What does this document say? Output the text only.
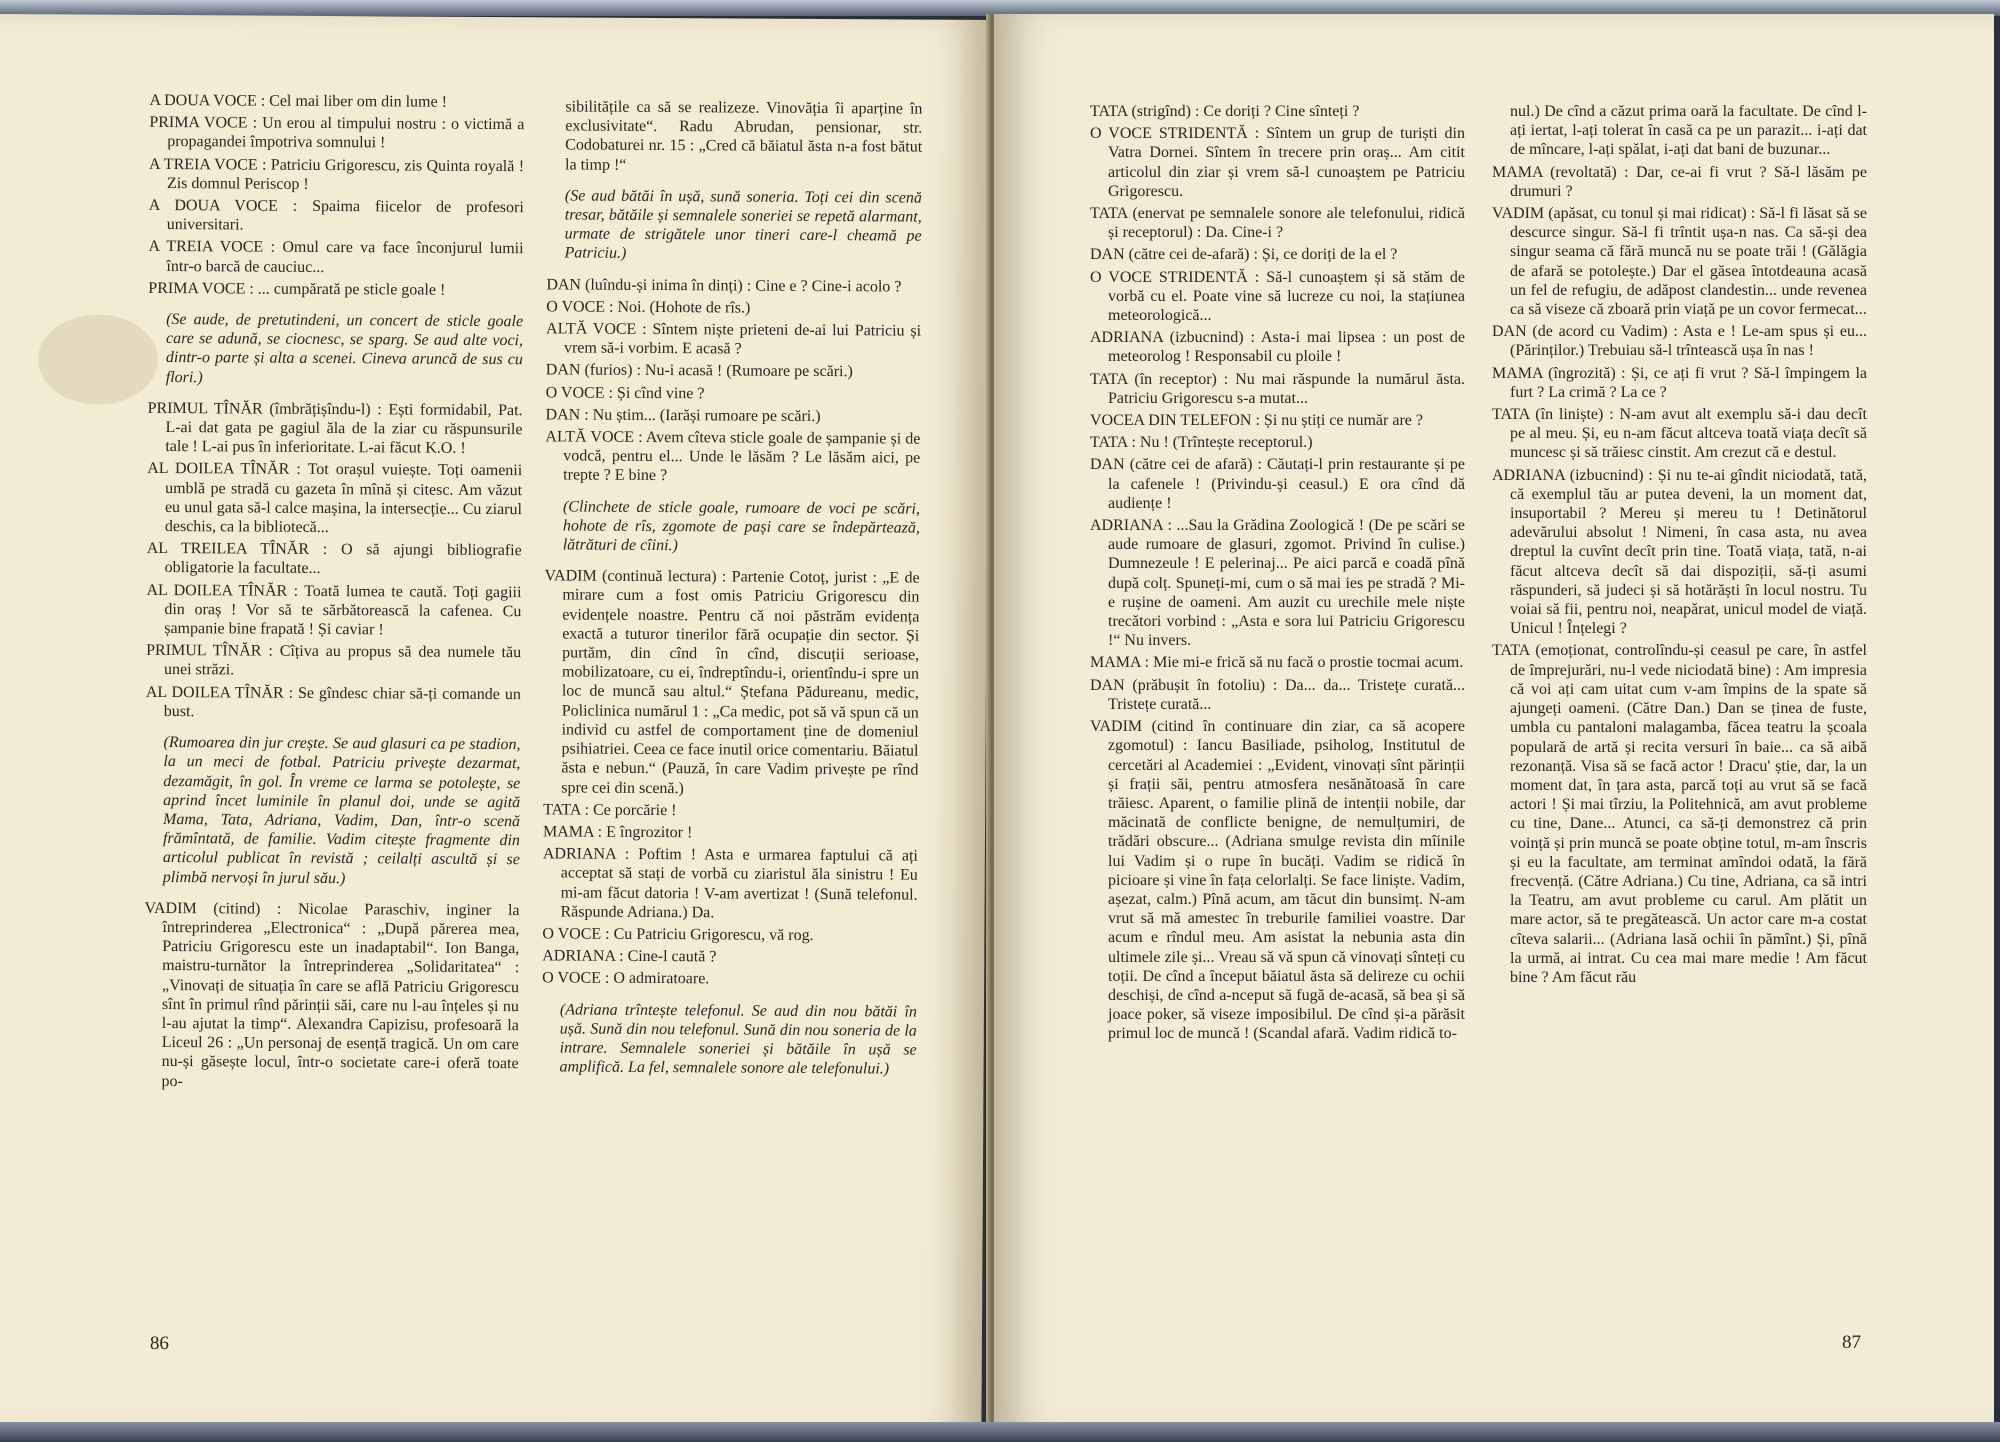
A DOUA VOCE : Cel mai liber om din lume !

PRIMA VOCE : Un erou al timpului nostru : o victimă a propagandei împotriva somnului !

A TREIA VOCE : Patriciu Grigorescu, zis Quinta royală ! Zis domnul Periscop !

A DOUA VOCE : Spaima fiicelor de profesori universitari.

A TREIA VOCE : Omul care va face înconjurul lumii într-o barcă de cauciuc...

PRIMA VOCE : ... cumpărată pe sticle goale !

(Se aude, de pretutindeni, un concert de sticle goale care se adună, se ciocnesc, se sparg. Se aud alte voci, dintr-o parte și alta a scenei. Cineva aruncă de sus cu flori.)

PRIMUL TÎNĂR (îmbrățișîndu-l) : Ești formidabil, Pat. L-ai dat gata pe gagiul ăla de la ziar cu răspunsurile tale ! L-ai pus în inferioritate. L-ai făcut K.O. !

AL DOILEA TÎNĂR : Tot orașul vuiește. Toți oamenii umblă pe stradă cu gazeta în mînă și citesc. Am văzut eu unul gata să-l calce mașina, la intersecție... Cu ziarul deschis, ca la bibliotecă...

AL TREILEA TÎNĂR : O să ajungi bibliografie obligatorie la facultate...

AL DOILEA TÎNĂR : Toată lumea te caută. Toți gagiii din oraș ! Vor să te sărbătorească la cafenea. Cu șampanie bine frapată ! Și caviar !

PRIMUL TÎNĂR : Cîțiva au propus să dea numele tău unei străzi.

AL DOILEA TÎNĂR : Se gîndesc chiar să-ți comande un bust.

(Rumoarea din jur crește. Se aud glasuri ca pe stadion, la un meci de fotbal. Patriciu privește dezarmat, dezamăgit, în gol. În vreme ce larma se potolește, se aprind încet luminile în planul doi, unde se agită Mama, Tata, Adriana, Vadim, Dan, într-o scenă frămîntată, de familie. Vadim citește fragmente din articolul publicat în revistă ; ceilalți ascultă și se plimbă nervoși în jurul său.)

VADIM (citind) : Nicolae Paraschiv, inginer la întreprinderea „Electronica“ : „După părerea mea, Patriciu Grigorescu este un inadaptabil“. Ion Banga, maistru-turnător la întreprinderea „Solidaritatea“ : „Vinovați de situația în care se află Patriciu Grigorescu sînt în primul rînd părinții săi, care nu l-au înțeles și nu l-au ajutat la timp“. Alexandra Capizisu, profesoară la Liceul 26 : „Un personaj de esență tragică. Un om care nu-și găsește locul, într-o societate care-i oferă toate po-

sibilitățile ca să se realizeze. Vinovăția îi aparține în exclusivitate“. Radu Abrudan, pensionar, str. Codobaturei nr. 15 : „Cred că băiatul ăsta n-a fost bătut la timp !“

(Se aud bătăi în ușă, sună soneria. Toți cei din scenă tresar, bătăile și semnalele soneriei se repetă alarmant, urmate de strigătele unor tineri care-l cheamă pe Patriciu.)

DAN (luîndu-și inima în dinți) : Cine e ? Cine-i acolo ?

O VOCE : Noi. (Hohote de rîs.)

ALTĂ VOCE : Sîntem niște prieteni de-ai lui Patriciu și vrem să-i vorbim. E acasă ?

DAN (furios) : Nu-i acasă ! (Rumoare pe scări.)

O VOCE : Și cînd vine ?

DAN : Nu știm... (Iarăși rumoare pe scări.)

ALTĂ VOCE : Avem cîteva sticle goale de șampanie și de vodcă, pentru el... Unde le lăsăm ? Le lăsăm aici, pe trepte ? E bine ?

(Clinchete de sticle goale, rumoare de voci pe scări, hohote de rîs, zgomote de pași care se îndepărtează, lătrături de cîini.)

VADIM (continuă lectura) : Partenie Cotoț, jurist : „E de mirare cum a fost omis Patriciu Grigorescu din evidențele noastre. Pentru că noi păstrăm evidența exactă a tuturor tinerilor fără ocupație din sector. Și purtăm, din cînd în cînd, discuții serioase, mobilizatoare, cu ei, îndreptîndu-i, orientîndu-i spre un loc de muncă sau altul.“ Ștefana Pădureanu, medic, Policlinica numărul 1 : „Ca medic, pot să vă spun că un individ cu astfel de comportament ține de domeniul psihiatriei. Ceea ce face inutil orice comentariu. Băiatul ăsta e nebun.“ (Pauză, în care Vadim privește pe rînd spre cei din scenă.)

TATA : Ce porcărie !

MAMA : E îngrozitor !

ADRIANA : Poftim ! Asta e urmarea faptului că ați acceptat să stați de vorbă cu ziaristul ăla sinistru ! Eu mi-am făcut datoria ! V-am avertizat ! (Sună telefonul. Răspunde Adriana.) Da.

O VOCE : Cu Patriciu Grigorescu, vă rog.

ADRIANA : Cine-l caută ?

O VOCE : O admiratoare.

(Adriana trîntește telefonul. Se aud din nou bătăi în ușă. Sună din nou telefonul. Sună din nou soneria de la intrare. Semnalele soneriei și bătăile în ușă se amplifică. La fel, semnalele sonore ale telefonului.)

86

TATA (strigînd) : Ce doriți ? Cine sînteți ?

O VOCE STRIDENTĂ : Sîntem un grup de turiști din Vatra Dornei. Sîntem în trecere prin oraș... Am citit articolul din ziar și vrem să-l cunoaștem pe Patriciu Grigorescu.

TATA (enervat pe semnalele sonore ale telefonului, ridică și receptorul) : Da. Cine-i ?

DAN (către cei de-afară) : Și, ce doriți de la el ?

O VOCE STRIDENTĂ : Să-l cunoaștem și să stăm de vorbă cu el. Poate vine să lucreze cu noi, la stațiunea meteorologică...

ADRIANA (izbucnind) : Asta-i mai lipsea : un post de meteorolog ! Responsabil cu ploile !

TATA (în receptor) : Nu mai răspunde la numărul ăsta. Patriciu Grigorescu s-a mutat...

VOCEA DIN TELEFON : Și nu știți ce număr are ?

TATA : Nu ! (Trîntește receptorul.)

DAN (către cei de afară) : Căutați-l prin restaurante și pe la cafenele ! (Privindu-și ceasul.) E ora cînd dă audiențe !

ADRIANA : ...Sau la Grădina Zoologică ! (De pe scări se aude rumoare de glasuri, zgomot. Privind în culise.) Dumnezeule ! E pelerinaj... Pe aici parcă e coadă pînă după colț. Spuneți-mi, cum o să mai ies pe stradă ? Mi-e rușine de oameni. Am auzit cu urechile mele niște trecători vorbind : „Asta e sora lui Patriciu Grigorescu !“ Nu invers.

MAMA : Mie mi-e frică să nu facă o prostie tocmai acum.

DAN (prăbușit în fotoliu) : Da... da... Tristețe curată... Tristețe curată...

VADIM (citind în continuare din ziar, ca să acopere zgomotul) : Iancu Basiliade, psiholog, Institutul de cercetări al Academiei : „Evident, vinovați sînt părinții și frații săi, pentru atmosfera nesănătoasă în care trăiesc. Aparent, o familie plină de intenții nobile, dar măcinată de conflicte benigne, de nemulțumiri, de trădări obscure... (Adriana smulge revista din mîinile lui Vadim și o rupe în bucăți. Vadim se ridică în picioare și vine în fața celorlalți. Se face liniște. Vadim, așezat, calm.) Pînă acum, am tăcut din bunsimț. N-am vrut să mă amestec în treburile familiei voastre. Dar acum e rîndul meu. Am asistat la nebunia asta din ultimele zile și... Vreau să vă spun că vinovați sînteți cu toții. De cînd a început băiatul ăsta să delireze cu ochii deschiși, de cînd a-nceput să fugă de-acasă, să bea și să joace poker, să viseze imposibilul. De cînd și-a părăsit primul loc de muncă ! (Scandal afară. Vadim ridică to-

nul.) De cînd a căzut prima oară la facultate. De cînd l-ați iertat, l-ați tolerat în casă ca pe un parazit... i-ați dat de mîncare, l-ați spălat, i-ați dat bani de buzunar...

MAMA (revoltată) : Dar, ce-ai fi vrut ? Să-l lăsăm pe drumuri ?

VADIM (apăsat, cu tonul și mai ridicat) : Să-l fi lăsat să se descurce singur. Să-l fi trîntit ușa-n nas. Ca să-și dea singur seama că fără muncă nu se poate trăi ! (Gălăgia de afară se potolește.) Dar el găsea întotdeauna acasă un fel de refugiu, de adăpost clandestin... unde revenea ca să viseze că zboară prin viață pe un covor fermecat...

DAN (de acord cu Vadim) : Asta e ! Le-am spus și eu... (Părinților.) Trebuiau să-l trîntească ușa în nas !

MAMA (îngrozită) : Și, ce ați fi vrut ? Să-l împingem la furt ? La crimă ? La ce ?

TATA (în liniște) : N-am avut alt exemplu să-i dau decît pe al meu. Și, eu n-am făcut altceva toată viața decît să muncesc și să trăiesc cinstit. Am crezut că e destul.

ADRIANA (izbucnind) : Și nu te-ai gîndit niciodată, tată, că exemplul tău ar putea deveni, la un moment dat, insuportabil ? Mereu și mereu tu ! Detinătorul adevărului absolut ! Nimeni, în casa asta, nu avea dreptul la cuvînt decît prin tine. Toată viața, tată, n-ai făcut altceva decît să dai dispoziții, să-ți asumi răspunderi, să judeci și să hotărăști în locul nostru. Tu voiai să fii, pentru noi, neapărat, unicul model de viață. Unicul ! Înțelegi ?

TATA (emoționat, controlîndu-și ceasul pe care, în astfel de împrejurări, nu-l vede niciodată bine) : Am impresia că voi ați cam uitat cum v-am împins de la spate să ajungeți oameni. (Către Dan.) Dan se ținea de fuste, umbla cu pantaloni malagamba, făcea teatru la școala populară de artă și recita versuri în baie... ca să aibă rezonanță. Visa să se facă actor ! Dracu' știe, dar, la un moment dat, în țara asta, parcă toți au vrut să se facă actori ! Și mai tîrziu, la Politehnică, am avut probleme cu tine, Dane... Atunci, ca să-ți demonstrez că prin voință și prin muncă se poate obține totul, m-am înscris și eu la facultate, am terminat amîndoi odată, la fără frecvență. (Către Adriana.) Cu tine, Adriana, ca să intri la Teatru, am avut probleme cu carul. Am plătit un mare actor, să te pregătească. Un actor care m-a costat cîteva salarii... (Adriana lasă ochii în pămînt.) Și, pînă la urmă, ai intrat. Cu cea mai mare medie ! Am făcut bine ? Am făcut rău

87
